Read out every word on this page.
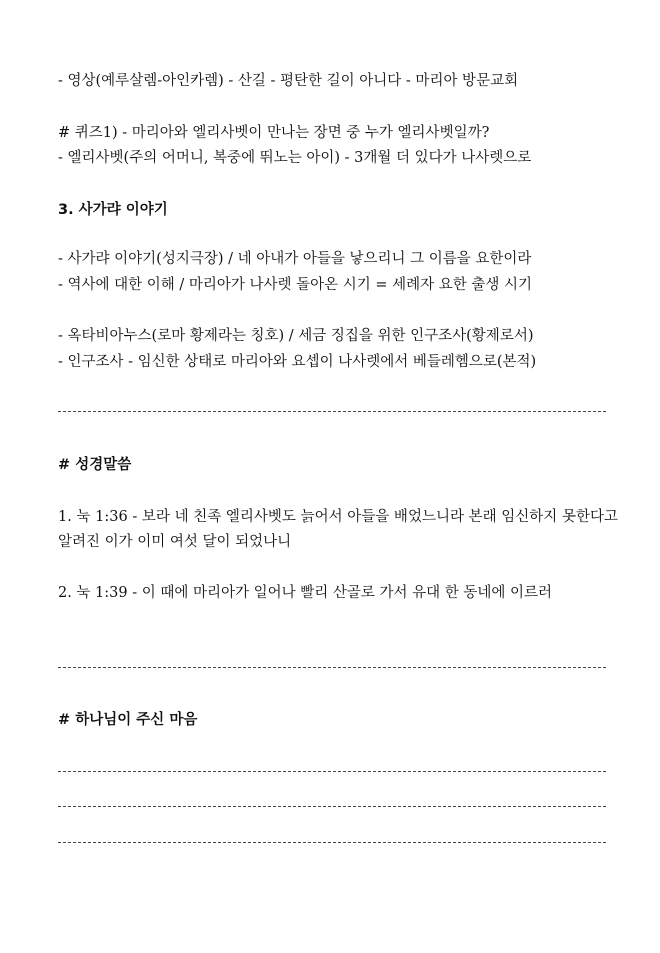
- 영상(예루살렘-아인카렘) - 산길 - 평탄한 길이 아니다 - 마리아 방문교회

# 퀴즈1) - 마리아와 엘리사벳이 만나는 장면 중 누가 엘리사벳일까?

- 엘리사벳(주의 어머니, 복중에 뛰노는 아이) - 3개월 더 있다가 나사렛으로

3. 사가랴 이야기

- 사가랴 이야기(성지극장) / 네 아내가 아들을 낳으리니 그 이름을 요한이라

- 역사에 대한 이해 / 마리아가 나사렛 돌아온 시기 = 세례자 요한 출생 시기

- 옥타비아누스(로마 황제라는 칭호) / 세금 징집을 위한 인구조사(황제로서)

- 인구조사 - 임신한 상태로 마리아와 요셉이 나사렛에서 베들레헴으로(본적)

# 성경말씀

1. 눅 1:36 - 보라 네 친족 엘리사벳도 늙어서 아들을 배었느니라 본래 임신하지 못한다고 알려진 이가 이미 여섯 달이 되었나니

2. 눅 1:39 - 이 때에 마리아가 일어나 빨리 산골로 가서 유대 한 동네에 이르러

# 하나님이 주신 마음
